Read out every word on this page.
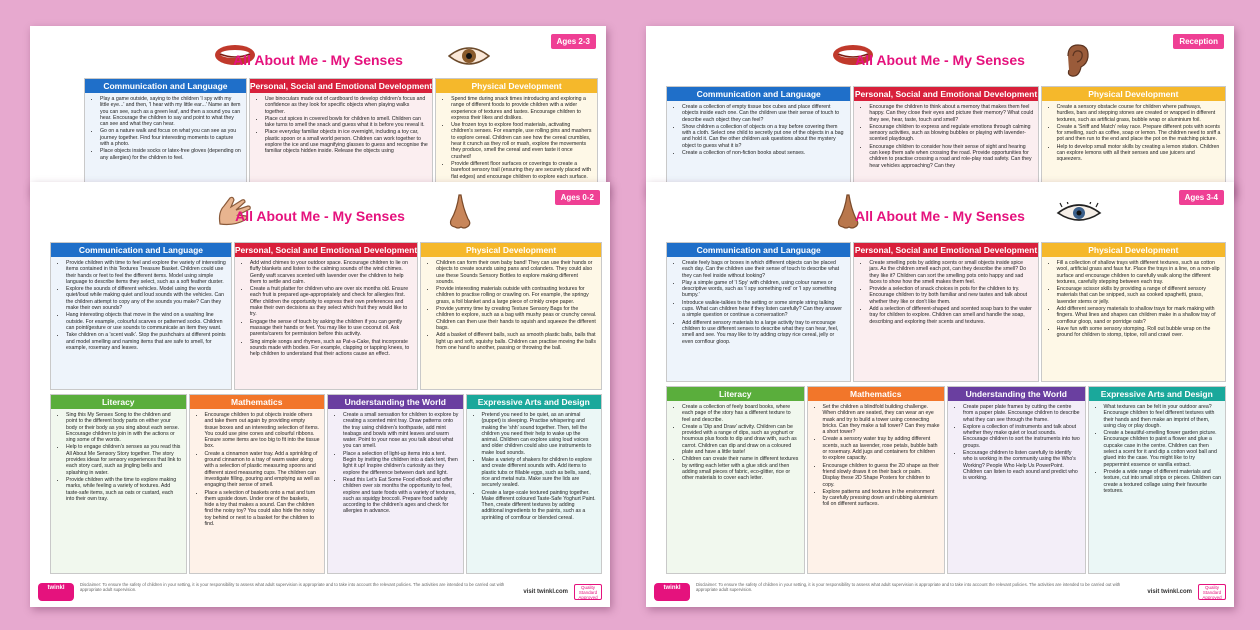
All About Me - My Senses
Ages 2-3
Communication and Language
• Play a game outside, saying to the children 'I spy with my little eye...' and then, 'I hear with my little ear...' Name an item you can see, such as a green leaf, and then a sound you can hear. Encourage the children to say and point to what they can see and what they can hear.
• Go on a nature walk and focus on what you can see as you journey together. Find four interesting moments to capture with a photo.
• Place objects inside socks or latex-free gloves (depending on any allergies) for the children to feel.
Personal, Social and Emotional Development
• Use binoculars made out of cardboard to develop children's focus and confidence as they look for specific objects when playing walks together.
• Place cut spices in covered bowls for children to smell. Children can take turns to smell the snack and guess what it is before you reveal it.
• Place everyday familiar objects in ice overnight, including a toy car, plastic spoon or a small world person. Children can work together to explore the ice and use magnifying glasses to guess and recognise the familiar objects hidden inside. Release the objects using
Physical Development
• Spend time during snack times introducing and exploring a range of different foods to provide children with a wider experience of textures and tastes. Encourage children to express their likes and dislikes.
• Use frozen toys to explore food materials, activating children's senses. For example, use rolling pins and mashers to explore cereal. Children can see how the cereal crumbles, hear it crunch as they roll or mash, explore the movements they produce, smell the cereal and even taste it once crushed!
• Provide different floor surfaces or coverings to create a barefoot sensory trail (ensuring they are securely placed with flat edges) and encourage children to explore each surface.
All About Me - My Senses
Reception
Communication and Language
• Create a collection of empty tissue box cubes and place different objects inside each one. Can the children use their sense of touch to describe each object they can feel?
• Show children a collection of objects on a tray before covering them with a cloth. Select one child to secretly put one of the objects in a bag and hold it. Can the other children ask questions about the mystery object to guess what it is?
• Create a collection of non-fiction books about senses.
Personal, Social and Emotional Development
• Encourage the children to think about a memory that makes them feel happy. Can they close their eyes and picture their memory? What could they see, hear, taste, touch and smell?
• Encourage children to express and regulate emotions through calming sensory activities, such as blowing bubbles or playing with lavender-scented playdough.
• Encourage children to consider how their sense of sight and hearing can keep them safe when crossing the road. Provide opportunities for children to practise crossing a road and role-play road safety. Can they hear vehicles approaching? Can they
Physical Development
• Create a sensory obstacle course for children where pathways, hurdles, bars and stepping stones are created or wrapped in different textures, such as artificial grass, bubble wrap or aluminium foil.
• Create a 'Sniff and Match' relay race. Prepare different pots with scents for smelling, such as coffee, soap or lemon. The children need to sniff a pot and then run to the end and place the pot on the matching picture.
• Help to develop small motor skills by creating a lemon station. Children can explore lemons with all their senses and use juicers and squeezers.
All About Me - My Senses
Ages 0-2
Communication and Language
• Provide children with time to feel and explore the variety of interesting items contained in this Textures Treasure Basket. Children could use their hands or feet to feel the different items. Model using simple language to describe items they select, such as a soft feather duster.
• Explore the sounds of different vehicles. Model using the words quiet/loud while making quiet and loud sounds with the vehicles. Can the children attempt to copy any of the sounds you make? Can they make their own sounds?
• Hang interesting objects that move in the wind on a washing line outside. For example, colourful scarves or patterned socks. Children can point/gesture or use sounds to communicate an item they want.
• Take children on a 'scent walk'. Stop the pushchairs at different points and model smelling and naming items that are safe to smell, for example, rosemary and leaves.
Personal, Social and Emotional Development
• Add wind chimes to your outdoor space. Encourage children to lie on fluffy blankets and listen to the calming sounds of the wind chimes. Gently waft scarves scented with lavender over the children to help them to settle and calm.
• Create a fruit platter for children who are over six months old. Ensure each fruit is prepared age-appropriately and check for allergies first. Offer children the opportunity to express their own preferences and make their own decisions as they select which fruit they would like to try.
• Engage the sense of touch by asking the children if you can gently massage their hands or feet. You may like to use coconut oil. Ask parents/carers for permission before this activity.
• Sing simple songs and rhymes, such as Pat-a-Cake, that incorporate sounds made with bodies. For example, clapping or tapping knees, to help children to understand that their actions cause an effect.
Physical Development
• Children can form their own baby band! They can use their hands or objects to create sounds using pans and colanders. They could also use these Sounds Sensory Bottles to explore making different sounds.
• Provide interesting materials outside with contrasting textures for children to practise rolling or crawling on. For example, the springy grass, a foil blanket and a large piece of crinkly crepe paper.
• Provide yummy time by creating Texture Sensory Bags for the children to explore, such as a bag with mushy peas or crunchy cereal. Children can then use their hands to squish and squeeze the different bags.
• Add a basket of different balls, such as smooth plastic balls, balls that light up and soft, squishy balls. Children can practise moving the balls from one hand to another, passing or throwing the ball.
Literacy
• Sing this My Senses Song to the children and point to the different body parts on either your body or their body as you sing about each sense. Encourage children to join in with the actions or sing some of the words.
• Help to engage children's senses as you read this All About Me Sensory Story together. The story provides ideas for sensory experiences that link to each story card, such as jingling bells and splashing in water.
• Provide children with the time to explore making marks, while feeling a variety of textures. Add taste-safe items, such as oats or custard, each into their own tray.
Mathematics
• Encourage children to put objects inside others and take them out again by providing empty tissue boxes and an interesting selection of items. You could use pine cones and colourful ribbons. Ensure some items are too big to fit into the tissue box.
• Create a cinnamon water tray. Add a sprinkling of ground cinnamon to a tray of warm water along with a selection of plastic measuring spoons and different sized measuring cups. The children can investigate filling, pouring and emptying as well as engaging their sense of smell.
• Place a selection of baskets onto a mat and turn them upside down. Under one of the baskets, hide a toy that makes a sound. Can the children find the noisy toy? You could also hide the noisy toy behind or next to a basket for the children to find.
Understanding the World
• Create a small sensation for children to explore by creating a scented mint tray. Draw patterns onto the tray using children's toothpaste, add mint teabags and bowls with mint leaves and warm water. Point to your nose as you talk about what you can smell.
• Place a selection of light-up items into a tent. Begin by inviting the children into a dark tent, then light it up! Inspire children's curiosity as they explore the difference between dark and light.
• Read this Let's Eat Some Food eBook and offer children over six months the opportunity to feel, explore and taste foods with a variety of textures, such as squidgy broccoli. Prepare food safely according to the children's ages and check for allergies in advance.
Expressive Arts and Design
• Pretend you need to be quiet, as an animal (puppet) is sleeping. Practise whispering and making the 'shh' sound together. Then, tell the children you need their help to wake up the animal. Children can explore using loud voices and older children could also use instruments to make loud sounds.
• Make a variety of shakers for children to explore and create different sounds with. Add items to plastic tubs or fillable eggs, such as bells, sand, rice and metal nuts. Make sure the lids are securely sealed.
• Create a large-scale textured painting together. Make different coloured Taste-Safe Yoghurt Paint. Then, create different textures by adding additional ingredients to the paints, such as a sprinkling of cornflour or blended cereal.
twinkl
Disclaimer: To ensure the safety of children in your setting, it is your responsibility to assess what adult supervision is appropriate and to take into account the relevant policies. The activities are intended to be carried out with appropriate adult supervision.	visit twinkl.com
Quality Standard Approved
All About Me - My Senses
Ages 3-4
Communication and Language
• Create feely bags or boxes in which different objects can be placed each day. Can the children use their sense of touch to describe what they can feel inside without looking?
• Play a simple game of 'I Spy' with children, using colour names or descriptive words, such as 'I spy something red' or 'I spy something bumpy.'
• Introduce walkie-talkies to the setting or some simple string talking cups. What can children hear if they listen carefully? Can they answer a simple question or continue a conversation?
• Add different sensory materials to a large activity tray to encourage children to use different senses to describe what they can hear, feel, smell and see. You may like to try adding crispy rice cereal, jelly or even cornflour gloop.
Personal, Social and Emotional Development
• Create smelling pots by adding scents or small objects inside spice jars. As the children smell each pot, can they describe the smell? Do they like it? Children can sort the smelling pots onto happy and sad faces to show how the smell makes them feel.
• Provide a selection of snack choices in pots for the children to try. Encourage children to try both familiar and new tastes and talk about whether they like or don't like them.
• Add a selection of different-shaped and scented soap bars to the water tray for children to explore. Children can smell and handle the soap, describing and exploring their scents and textures.
Physical Development
• Fill a collection of shallow trays with different textures, such as cotton wool, artificial grass and faux fur. Place the trays in a line, on a non-slip surface and encourage children to carefully walk along the different textures, carefully stepping between each tray.
• Encourage scissor skills by providing a range of different sensory materials that can be snipped, such as cooked spaghetti, grass, lavender stems or jelly.
• Add different sensory materials to shallow trays for mark making with fingers. What lines and shapes can children make in a shallow tray of cornflour gloop, sand or porridge oats?
• Have fun with some sensory stomping. Roll out bubble wrap on the ground for children to stomp, tiptoe, roll and crawl over.
Literacy
• Create a collection of feely board books, where each page of the story has a different texture to feel and describe.
• Create a 'Dip and Draw' activity. Children can be provided with a range of dips, such as yoghurt or houmous plus foods to dip and draw with, such as carrot. Children can dip and draw on a coloured plate and have a little taste!
• Children can create their name in different textures by writing each letter with a glue stick and then adding small pieces of fabric, eco-glitter, rice or other materials to cover each letter.
Mathematics
• Set the children a blindfold building challenge. When children are seated, they can wear an eye mask and try to build a tower using connecting bricks. Can they make a tall tower? Can they make a short tower?
• Create a sensory water tray by adding different scents, such as lavender, rose petals, bubble bath or rosemary. Add jugs and containers for children to explore capacity.
• Encourage children to guess the 2D shape as their friend slowly draws it on their back or palm. Display these 2D Shape Posters for children to copy.
• Explore patterns and textures in the environment by carefully pressing down and rubbing aluminium foil on different surfaces.
Understanding the World
• Create paper plate frames by cutting the centre from a paper plate. Encourage children to describe what they can see through the frame.
• Explore a collection of instruments and talk about whether they make quiet or loud sounds. Encourage children to sort the instruments into two groups.
• Encourage children to listen carefully to identify who is working in the community using the Who's Working? People Who Help Us PowerPoint. Children can listen to each sound and predict who is working.
Expressive Arts and Design
• What textures can be felt in your outdoor area? Encourage children to feel different textures with their hands and then make an imprint of them, using clay or play dough.
• Create a beautiful-smelling flower garden picture. Encourage children to paint a flower and glue a cupcake case in the centre. Children can then select a scent for it and dip a cotton wool ball and glued into the case. You might like to try peppermint essence or vanilla extract.
• Provide a wide range of different materials and texture, cut into small strips or pieces. Children can create a textured collage using their favourite textures.
twinkl
Disclaimer: To ensure the safety of children in your setting, it is your responsibility to assess what adult supervision is appropriate and to take into account the relevant policies. The activities are intended to be carried out with appropriate adult supervision.	visit twinkl.com
Quality Standard Approved
